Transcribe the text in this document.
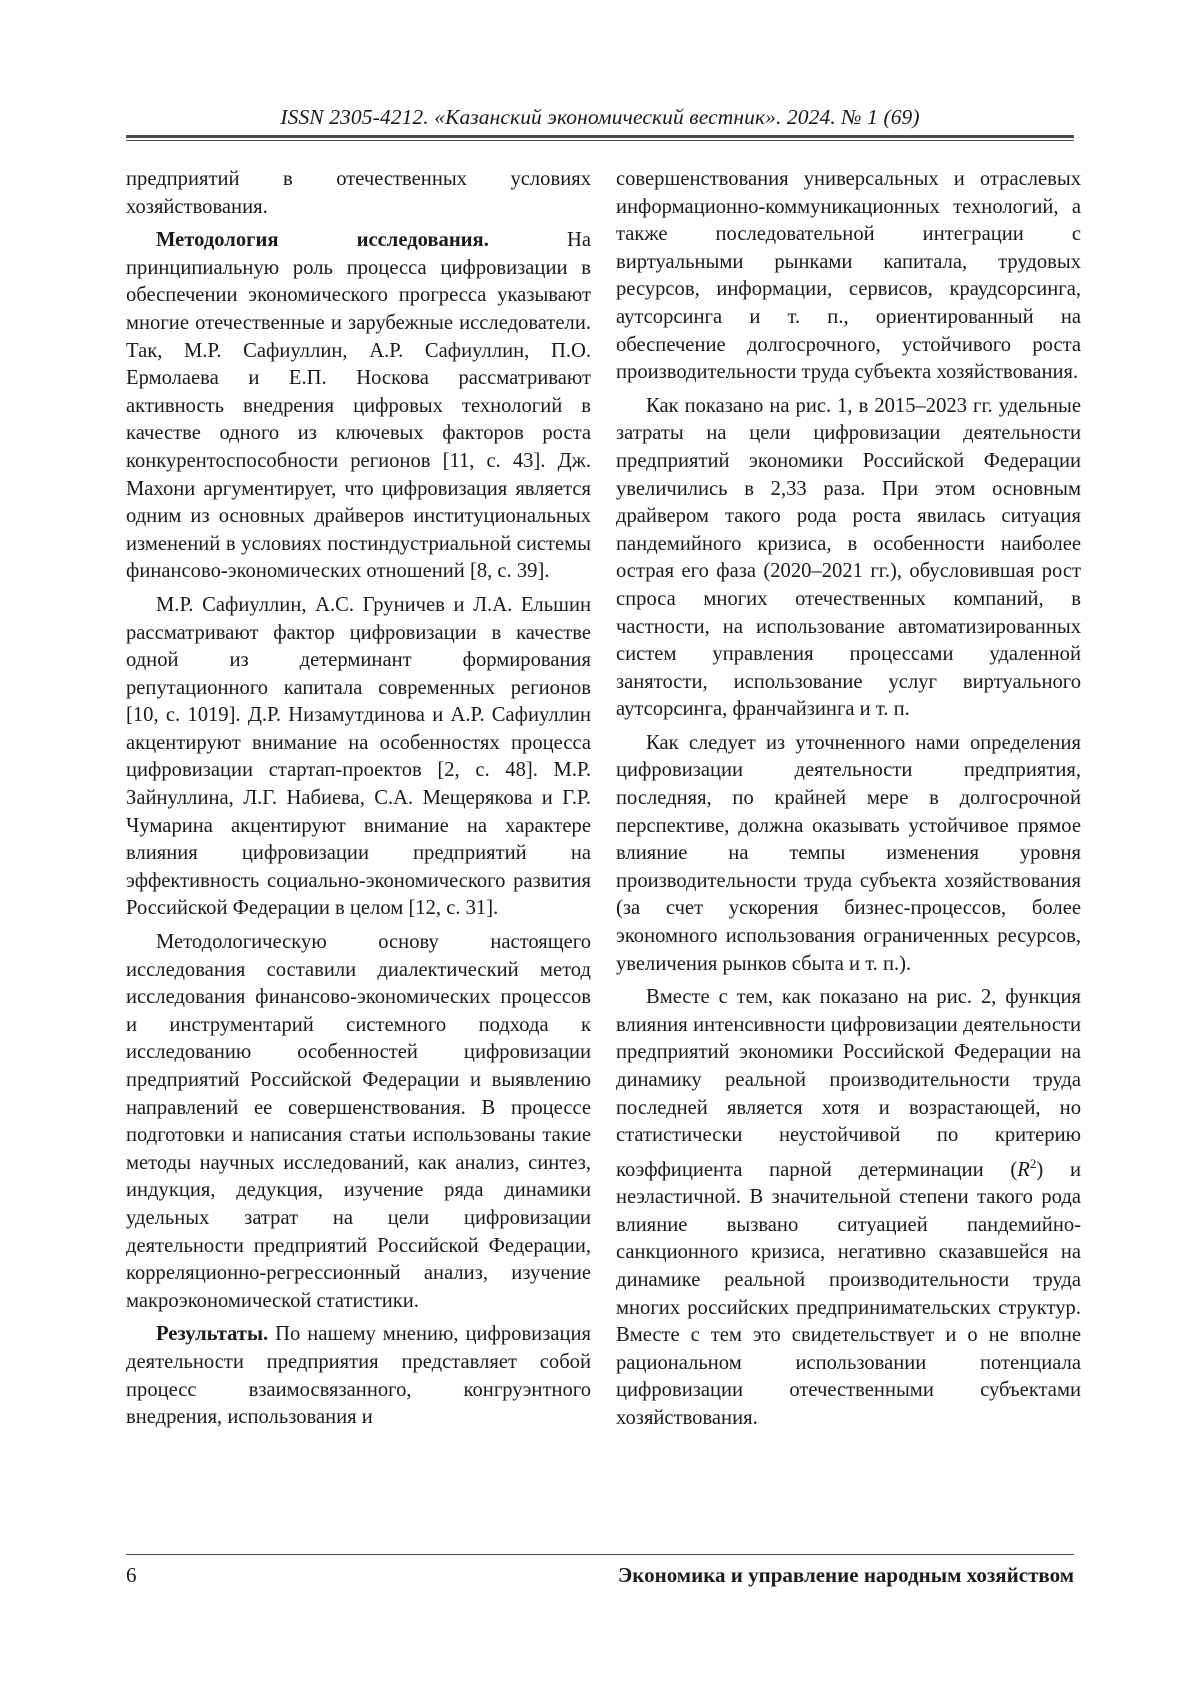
ISSN 2305-4212. «Казанский экономический вестник». 2024. № 1 (69)

предприятий в отечественных условиях хозяйствования.

Методология исследования. На принципиальную роль процесса цифровизации в обеспечении экономического прогресса указывают многие отечественные и зарубежные исследователи. Так, М.Р. Сафиуллин, А.Р. Сафиуллин, П.О. Ермолаева и Е.П. Носкова рассматривают активность внедрения цифровых технологий в качестве одного из ключевых факторов роста конкурентоспособности регионов [11, с. 43]. Дж. Махони аргументирует, что цифровизация является одним из основных драйверов институциональных изменений в условиях постиндустриальной системы финансово-экономических отношений [8, с. 39].

М.Р. Сафиуллин, А.С. Груничев и Л.А. Ельшин рассматривают фактор цифровизации в качестве одной из детерминант формирования репутационного капитала современных регионов [10, с. 1019]. Д.Р. Низамутдинова и А.Р. Сафиуллин акцентируют внимание на особенностях процесса цифровизации стартап-проектов [2, с. 48]. М.Р. Зайнуллина, Л.Г. Набиева, С.А. Мещерякова и Г.Р. Чумарина акцентируют внимание на характере влияния цифровизации предприятий на эффективность социально-экономического развития Российской Федерации в целом [12, с. 31].

Методологическую основу настоящего исследования составили диалектический метод исследования финансово-экономических процессов и инструментарий системного подхода к исследованию особенностей цифровизации предприятий Российской Федерации и выявлению направлений ее совершенствования. В процессе подготовки и написания статьи использованы такие методы научных исследований, как анализ, синтез, индукция, дедукция, изучение ряда динамики удельных затрат на цели цифровизации деятельности предприятий Российской Федерации, корреляционно-регрессионный анализ, изучение макроэкономической статистики.

Результаты. По нашему мнению, цифровизация деятельности предприятия представляет собой процесс взаимосвязанного, конгруэнтного внедрения, использования и

совершенствования универсальных и отраслевых информационно-коммуникационных технологий, а также последовательной интеграции с виртуальными рынками капитала, трудовых ресурсов, информации, сервисов, краудсорсинга, аутсорсинга и т. п., ориентированный на обеспечение долгосрочного, устойчивого роста производительности труда субъекта хозяйствования.

Как показано на рис. 1, в 2015–2023 гг. удельные затраты на цели цифровизации деятельности предприятий экономики Российской Федерации увеличились в 2,33 раза. При этом основным драйвером такого рода роста явилась ситуация пандемийного кризиса, в особенности наиболее острая его фаза (2020–2021 гг.), обусловившая рост спроса многих отечественных компаний, в частности, на использование автоматизированных систем управления процессами удаленной занятости, использование услуг виртуального аутсорсинга, франчайзинга и т. п.

Как следует из уточненного нами определения цифровизации деятельности предприятия, последняя, по крайней мере в долгосрочной перспективе, должна оказывать устойчивое прямое влияние на темпы изменения уровня производительности труда субъекта хозяйствования (за счет ускорения бизнес-процессов, более экономного использования ограниченных ресурсов, увеличения рынков сбыта и т. п.).

Вместе с тем, как показано на рис. 2, функция влияния интенсивности цифровизации деятельности предприятий экономики Российской Федерации на динамику реальной производительности труда последней является хотя и возрастающей, но статистически неустойчивой по критерию коэффициента парной детерминации $(R^2)$ и неэластичной. В значительной степени такого рода влияние вызвано ситуацией пандемийно-санкционного кризиса, негативно сказавшейся на динамике реальной производительности труда многих российских предпринимательских структур. Вместе с тем это свидетельствует и о не вполне рациональном использовании потенциала цифровизации отечественными субъектами хозяйствования.

6	Экономика и управление народным хозяйством
